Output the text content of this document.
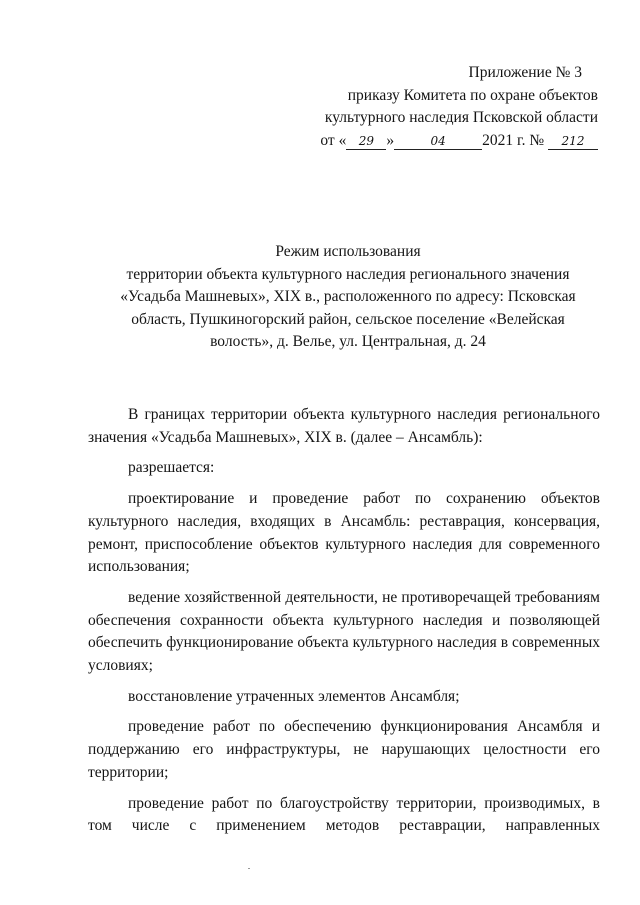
Приложение № 3
приказу Комитета по охране объектов
культурного наследия Псковской области
от « 29 »	04 2021 г. № 212
Режим использования
территории объекта культурного наследия регионального значения
«Усадьба Машневых», XIX в., расположенного по адресу: Псковская
область, Пушкиногорский район, сельское поселение «Велейская
волость», д. Велье, ул. Центральная, д. 24

В границах территории объекта культурного наследия регионального значения «Усадьба Машневых», XIX в. (далее – Ансамбль):

разрешается:

проектирование и проведение работ по сохранению объектов культурного наследия, входящих в Ансамбль: реставрация, консервация, ремонт, приспособление объектов культурного наследия для современного использования;

ведение хозяйственной деятельности, не противоречащей требованиям обеспечения сохранности объекта культурного наследия и позволяющей обеспечить функционирование объекта культурного наследия в современных условиях;

восстановление утраченных элементов Ансамбля;

проведение работ по обеспечению функционирования Ансамбля и поддержанию его инфраструктуры, не нарушающих целостности его территории;

проведение работ по благоустройству территории, производимых, в том числе с применением методов реставрации, направленных
